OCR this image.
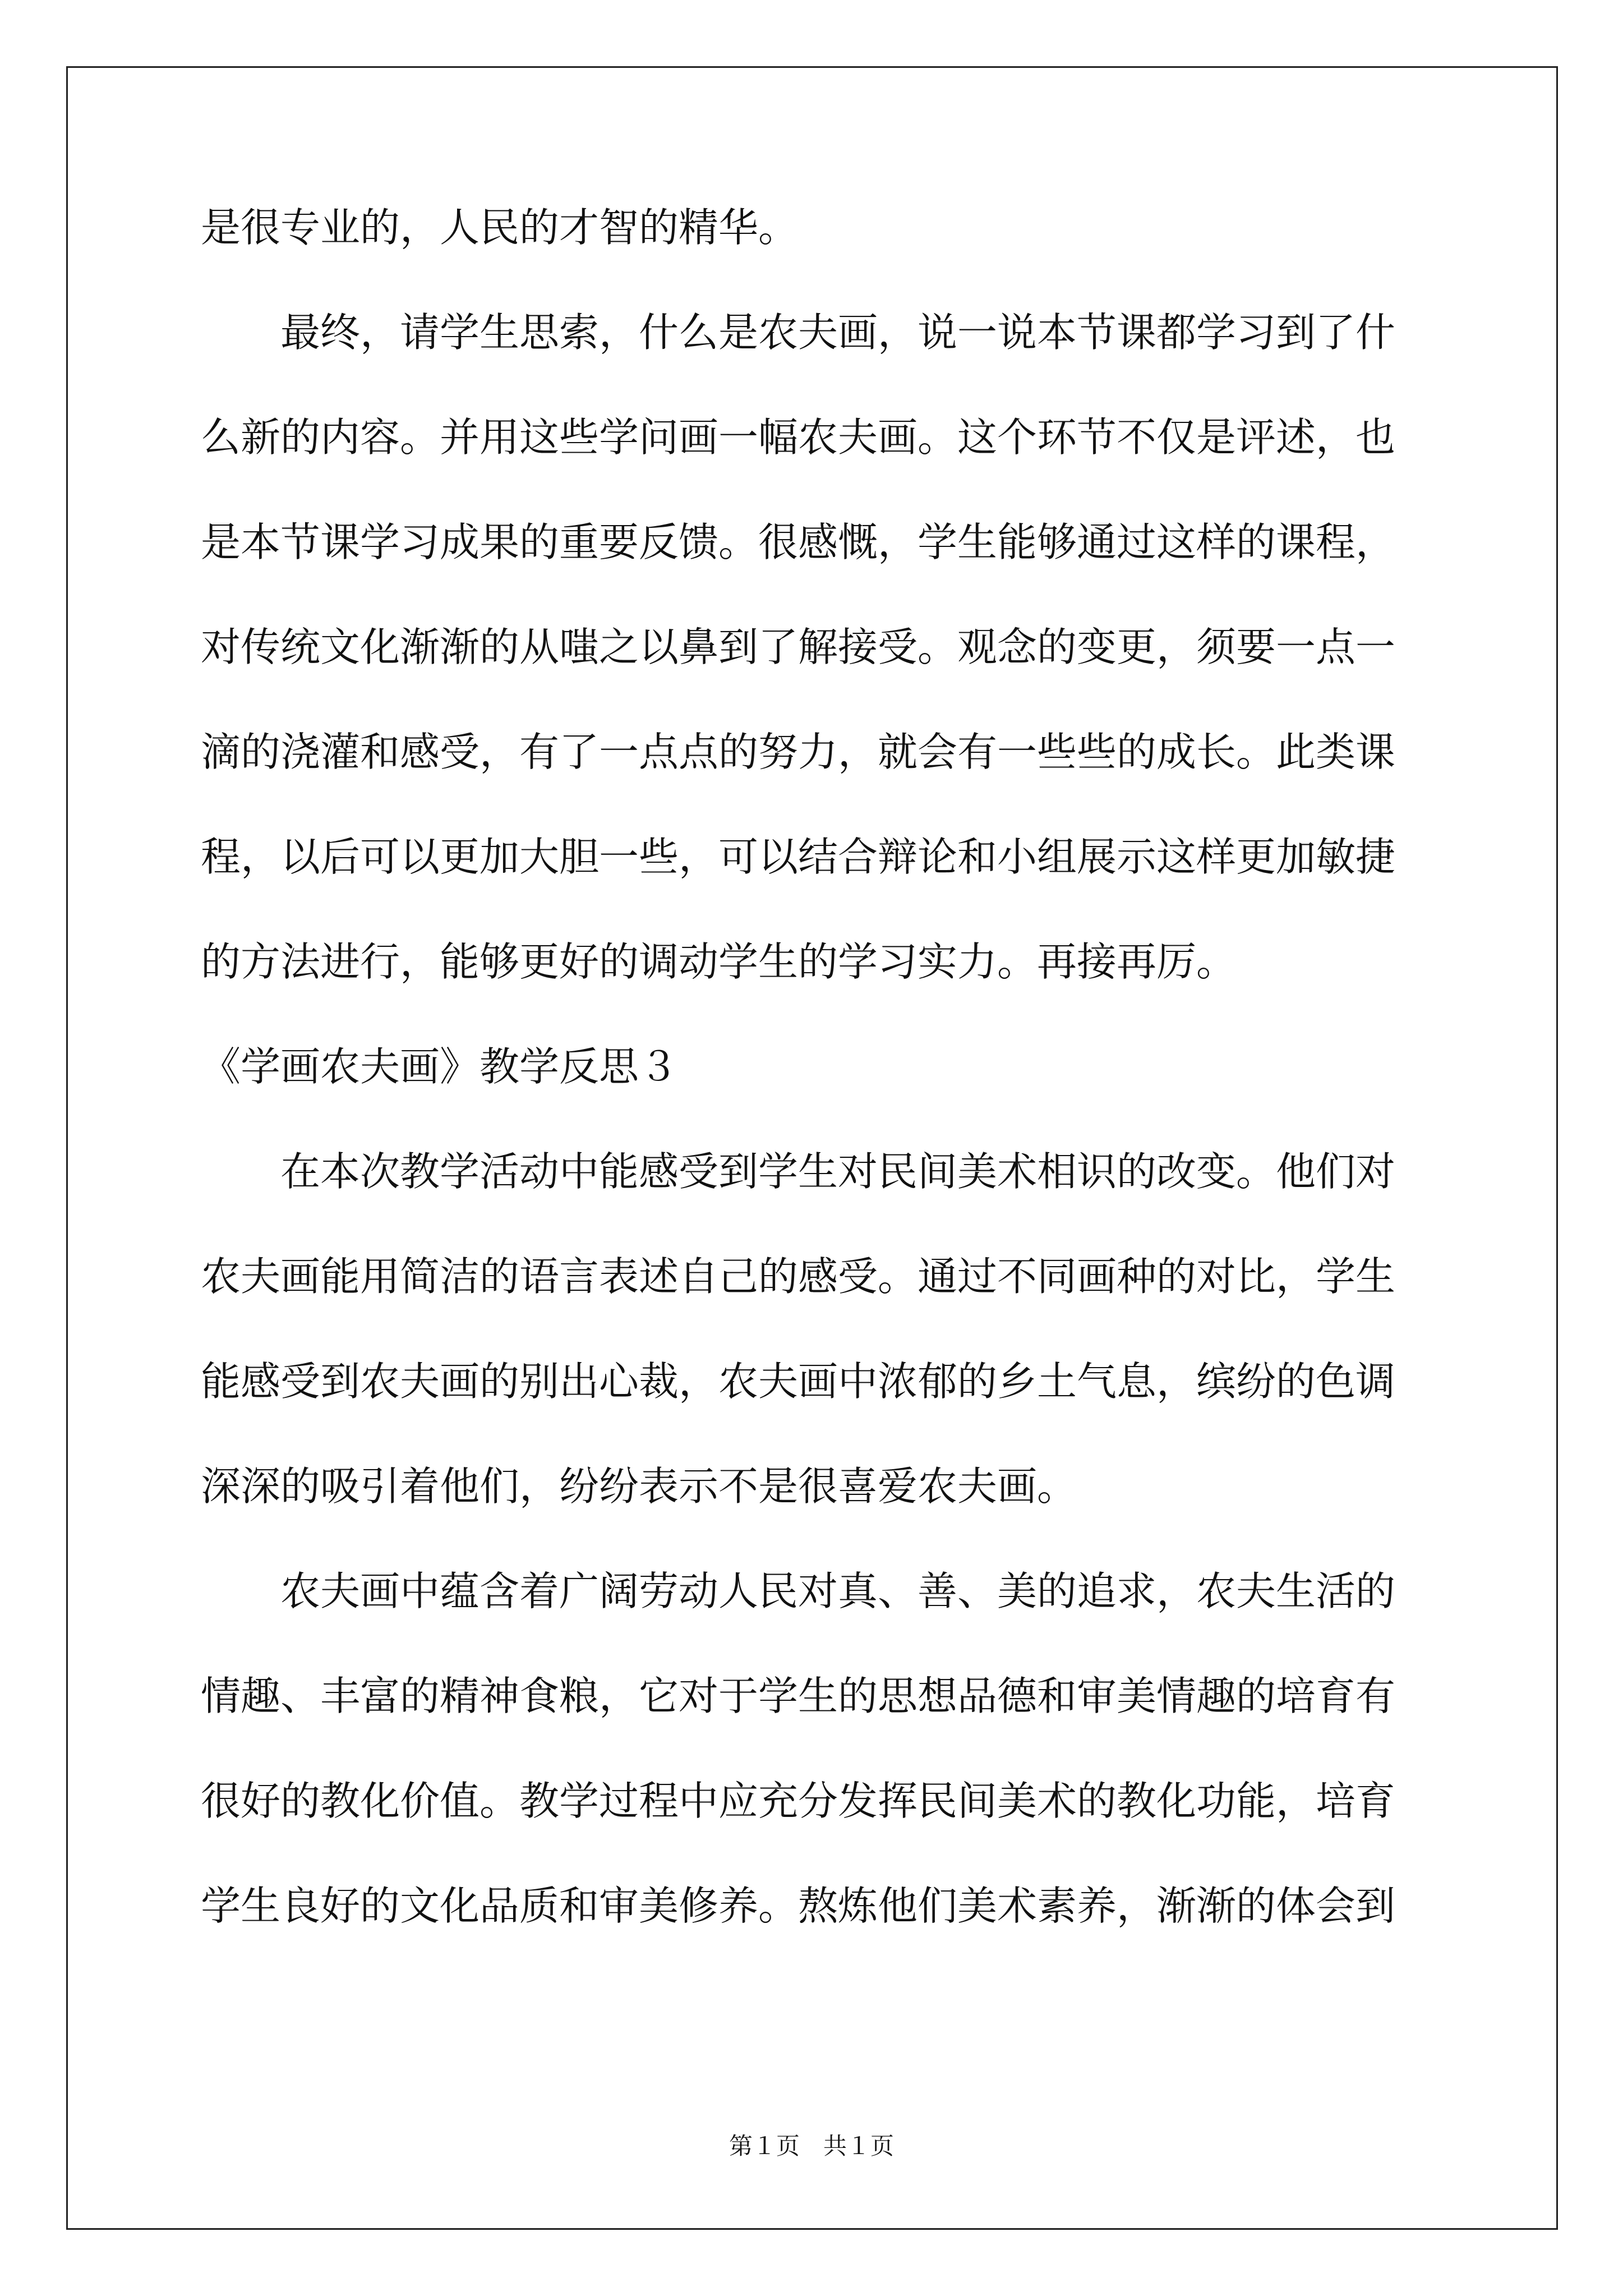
是很专业的，人民的才智的精华。
　　最终，请学生思索，什么是农夫画，说一说本节课都学习到了什
么新的内容。并用这些学问画一幅农夫画。这个环节不仅是评述，也
是本节课学习成果的重要反馈。很感慨，学生能够通过这样的课程，
对传统文化渐渐的从嗤之以鼻到了解接受。观念的变更，须要一点一
滴的浇灌和感受，有了一点点的努力，就会有一些些的成长。此类课
程，以后可以更加大胆一些，可以结合辩论和小组展示这样更加敏捷
的方法进行，能够更好的调动学生的学习实力。再接再厉。
《学画农夫画》教学反思３
　　在本次教学活动中能感受到学生对民间美术相识的改变。他们对
农夫画能用简洁的语言表述自己的感受。通过不同画种的对比，学生
能感受到农夫画的别出心裁，农夫画中浓郁的乡土气息，缤纷的色调
深深的吸引着他们，纷纷表示不是很喜爱农夫画。
　　农夫画中蕴含着广阔劳动人民对真、善、美的追求，农夫生活的
情趣、丰富的精神食粮，它对于学生的思想品德和审美情趣的培育有
很好的教化价值。教学过程中应充分发挥民间美术的教化功能，培育
学生良好的文化品质和审美修养。熬炼他们美术素养，渐渐的体会到
第１页　共１页
